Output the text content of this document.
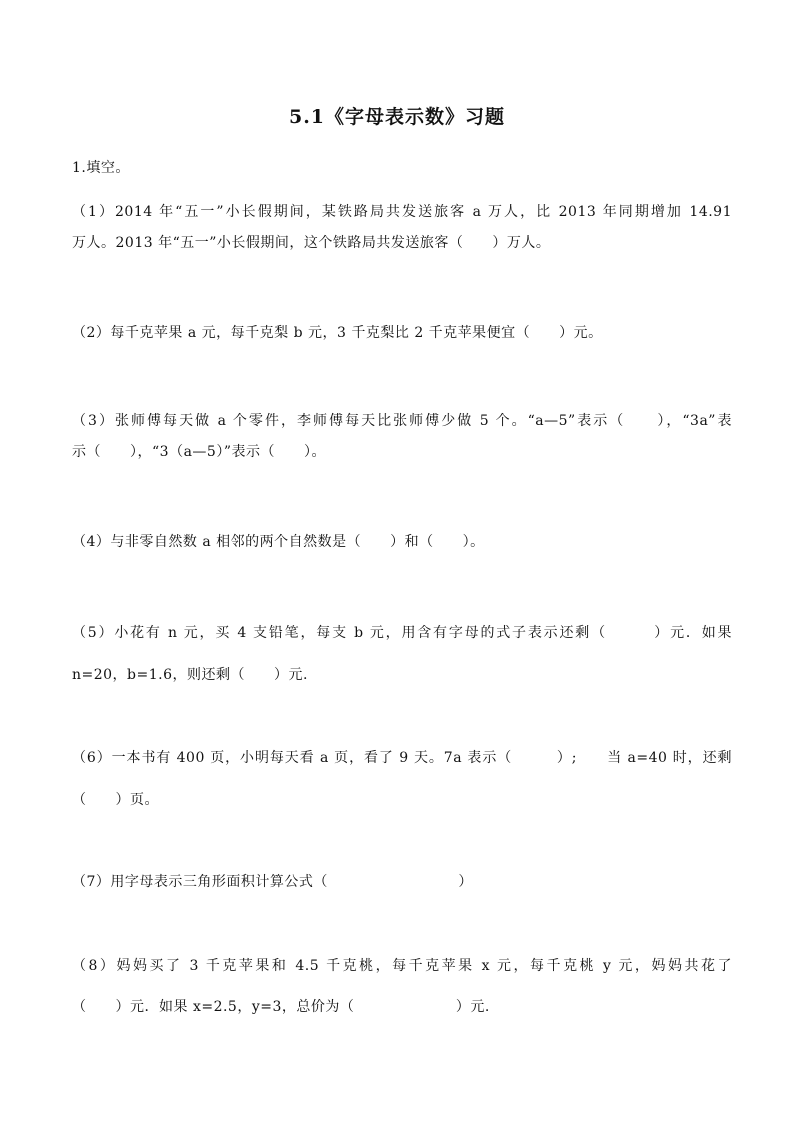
5.1《字母表示数》习题
1.填空。
（1）2014 年“五一”小长假期间，某铁路局共发送旅客 a 万人，比 2013 年同期增加 14.91
万人。2013 年“五一”小长假期间，这个铁路局共发送旅客（　　）万人。
（2）每千克苹果 a 元，每千克梨 b 元，3 千克梨比 2 千克苹果便宜（　　）元。
（3）张师傅每天做 a 个零件，李师傅每天比张师傅少做 5 个。“a—5”表示（　　），“3a”表
示（　　），“3（a—5）”表示（　　）。
（4）与非零自然数 a 相邻的两个自然数是（　　）和（　　）。
（5）小花有 n 元，买 4 支铅笔，每支 b 元，用含有字母的式子表示还剩（　　　）元．如果
n=20，b=1.6，则还剩（　　）元.
（6）一本书有 400 页，小明每天看 a 页，看了 9 天。7a 表示（　　　）;　　当 a=40 时，还剩
（　　）页。
（7）用字母表示三角形面积计算公式（　　　　　　　　　）
（8）妈妈买了 3 千克苹果和 4.5 千克桃，每千克苹果 x 元，每千克桃 y 元，妈妈共花了
（　　）元．如果 x=2.5，y=3，总价为（　　　　　　　）元.
